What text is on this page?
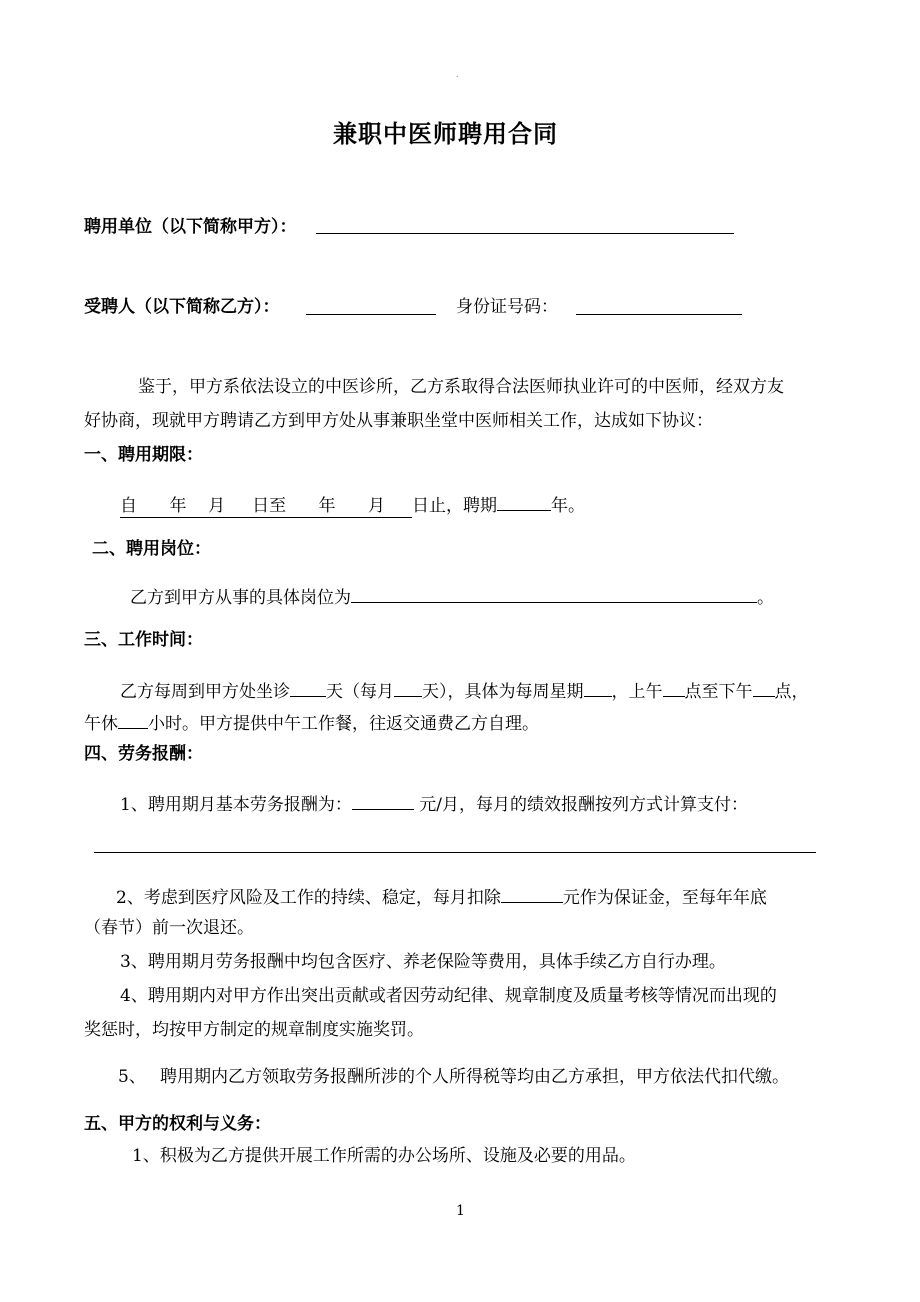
.
兼职中医师聘用合同
聘用单位（以下简称甲方）：
受聘人（以下简称乙方）：	身份证号码：
鉴于，甲方系依法设立的中医诊所，乙方系取得合法医师执业许可的中医师，经双方友
好协商，现就甲方聘请乙方到甲方处从事兼职坐堂中医师相关工作，达成如下协议：
一、聘用期限：
自 年 月 日至 年 月 日止，聘期	年。
二、聘用岗位：
乙方到甲方从事的具体岗位为	。
三、工作时间：
乙方每周到甲方处坐诊 天（每月 天），具体为每周星期 ，上午 点至下午 点，
午休 小时。甲方提供中午工作餐，往返交通费乙方自理。
四、劳务报酬：
1、聘用期月基本劳务报酬为：	元/月，每月的绩效报酬按列方式计算支付：
2、考虑到医疗风险及工作的持续、稳定，每月扣除	元作为保证金，至每年年底
（春节）前一次退还。
3、聘用期月劳务报酬中均包含医疗、养老保险等费用，具体手续乙方自行办理。
4、聘用期内对甲方作出突出贡献或者因劳动纪律、规章制度及质量考核等情况而出现的
奖惩时，均按甲方制定的规章制度实施奖罚。
5、 聘用期内乙方领取劳务报酬所涉的个人所得税等均由乙方承担，甲方依法代扣代缴。
五、甲方的权利与义务：
1、积极为乙方提供开展工作所需的办公场所、设施及必要的用品。
1
